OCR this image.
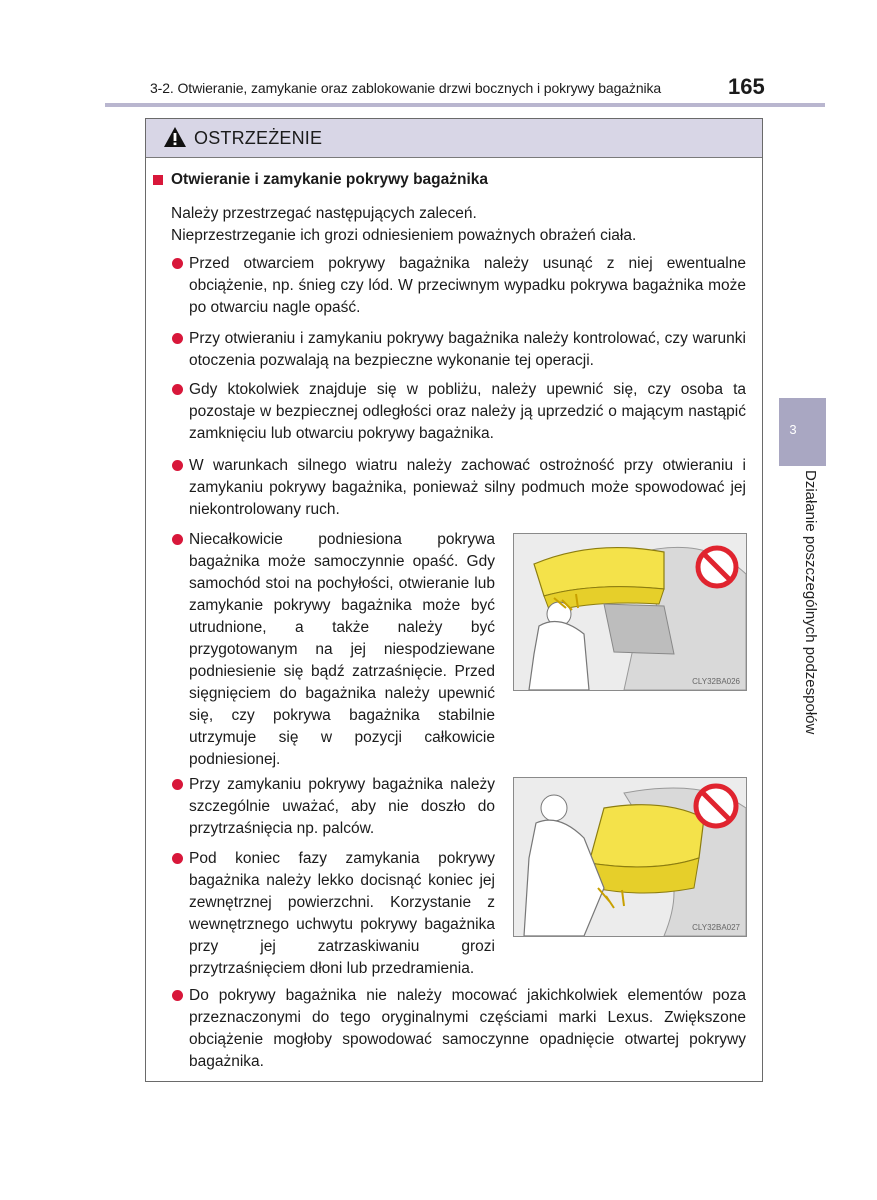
3-2. Otwieranie, zamykanie oraz zablokowanie drzwi bocznych i pokrywy bagażnika	165
OSTRZEŻENIE
Otwieranie i zamykanie pokrywy bagażnika
Należy przestrzegać następujących zaleceń.
Nieprzestrzeganie ich grozi odniesieniem poważnych obrażeń ciała.
Przed otwarciem pokrywy bagażnika należy usunąć z niej ewentualne obciążenie, np. śnieg czy lód. W przeciwnym wypadku pokrywa bagażnika może po otwarciu nagle opaść.
Przy otwieraniu i zamykaniu pokrywy bagażnika należy kontrolować, czy warunki otoczenia pozwalają na bezpieczne wykonanie tej operacji.
Gdy ktokolwiek znajduje się w pobliżu, należy upewnić się, czy osoba ta pozostaje w bezpiecznej odległości oraz należy ją uprzedzić o mającym nastąpić zamknięciu lub otwarciu pokrywy bagażnika.
W warunkach silnego wiatru należy zachować ostrożność przy otwieraniu i zamykaniu pokrywy bagażnika, ponieważ silny podmuch może spowodować jej niekontrolowany ruch.
Niecałkowicie podniesiona pokrywa bagażnika może samoczynnie opaść. Gdy samochód stoi na pochyłości, otwieranie lub zamykanie pokrywy bagażnika może być utrudnione, a także należy być przygotowanym na jej niespodziewane podniesienie się bądź zatrzaśnięcie. Przed sięgnięciem do bagażnika należy upewnić się, czy pokrywa bagażnika stabilnie utrzymuje się w pozycji całkowicie podniesionej.
Przy zamykaniu pokrywy bagażnika należy szczególnie uważać, aby nie doszło do przytrzaśnięcia np. palców.
Pod koniec fazy zamykania pokrywy bagażnika należy lekko docisnąć koniec jej zewnętrznej powierzchni. Korzystanie z wewnętrznego uchwytu pokrywy bagażnika przy jej zatrzaskiwaniu grozi przytrzaśnięciem dłoni lub przedramienia.
Do pokrywy bagażnika nie należy mocować jakichkolwiek elementów poza przeznaczonymi do tego oryginalnymi częściami marki Lexus. Zwiększone obciążenie mogłoby spowodować samoczynne opadnięcie otwartej pokrywy bagażnika.
CLY32BA026
CLY32BA027
3
Działanie poszczególnych podzespołów
